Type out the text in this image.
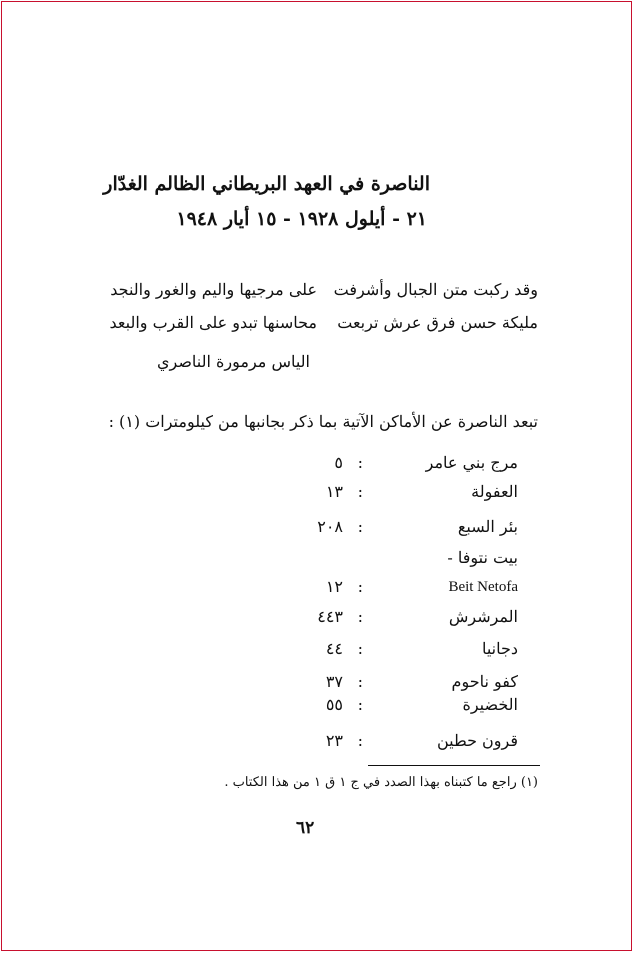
الناصرة في العهد البريطاني الظالم الغدّار
٢١ - أيلول ١٩٢٨ - ١٥ أيار ١٩٤٨
وقد ركبت متن الجبال وأشرفت
على مرجيها واليم والغور والنجد
مليكة حسن فرق عرش تربعت
محاسنها تبدو على القرب والبعد
الياس مرمورة الناصري
تبعد الناصرة عن الأماكن الآتية بما ذكر بجانبها من كيلومترات (١) :
مرج بني عامر
:
٥
العفولة
:
١٣
بئر السبع
:
٢٠٨
بيت نتوفا -
Beit Netofa
:
١٢
المرشرش
:
٤٤٣
دجانيا
:
٤٤
كفو ناحوم
:
٣٧
الخضيرة
:
٥٥
قرون حطين
:
٢٣
(١) راجع ما كتبناه بهذا الصدد في ج ١ ق ١ من هذا الكتاب .
٦٢
